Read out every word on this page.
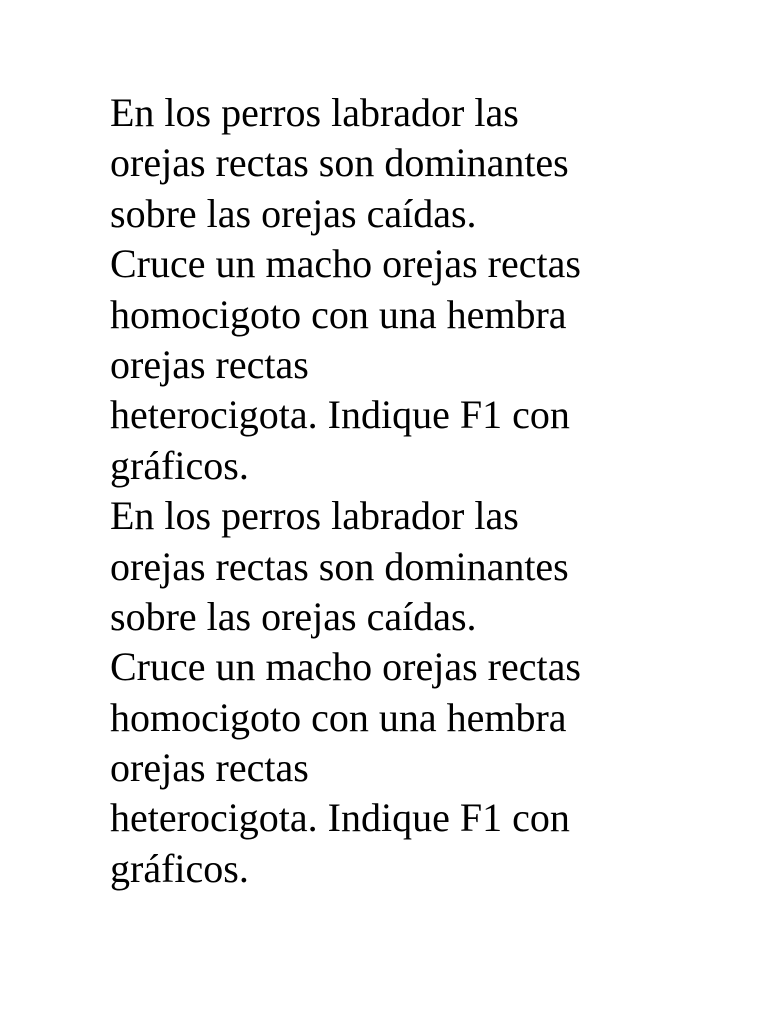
En los perros labrador las
orejas rectas son dominantes
sobre las orejas caídas.
Cruce un macho orejas rectas
homocigoto con una hembra
orejas rectas
heterocigota. Indique F1 con
gráficos.
En los perros labrador las
orejas rectas son dominantes
sobre las orejas caídas.
Cruce un macho orejas rectas
homocigoto con una hembra
orejas rectas
heterocigota. Indique F1 con
gráficos.
